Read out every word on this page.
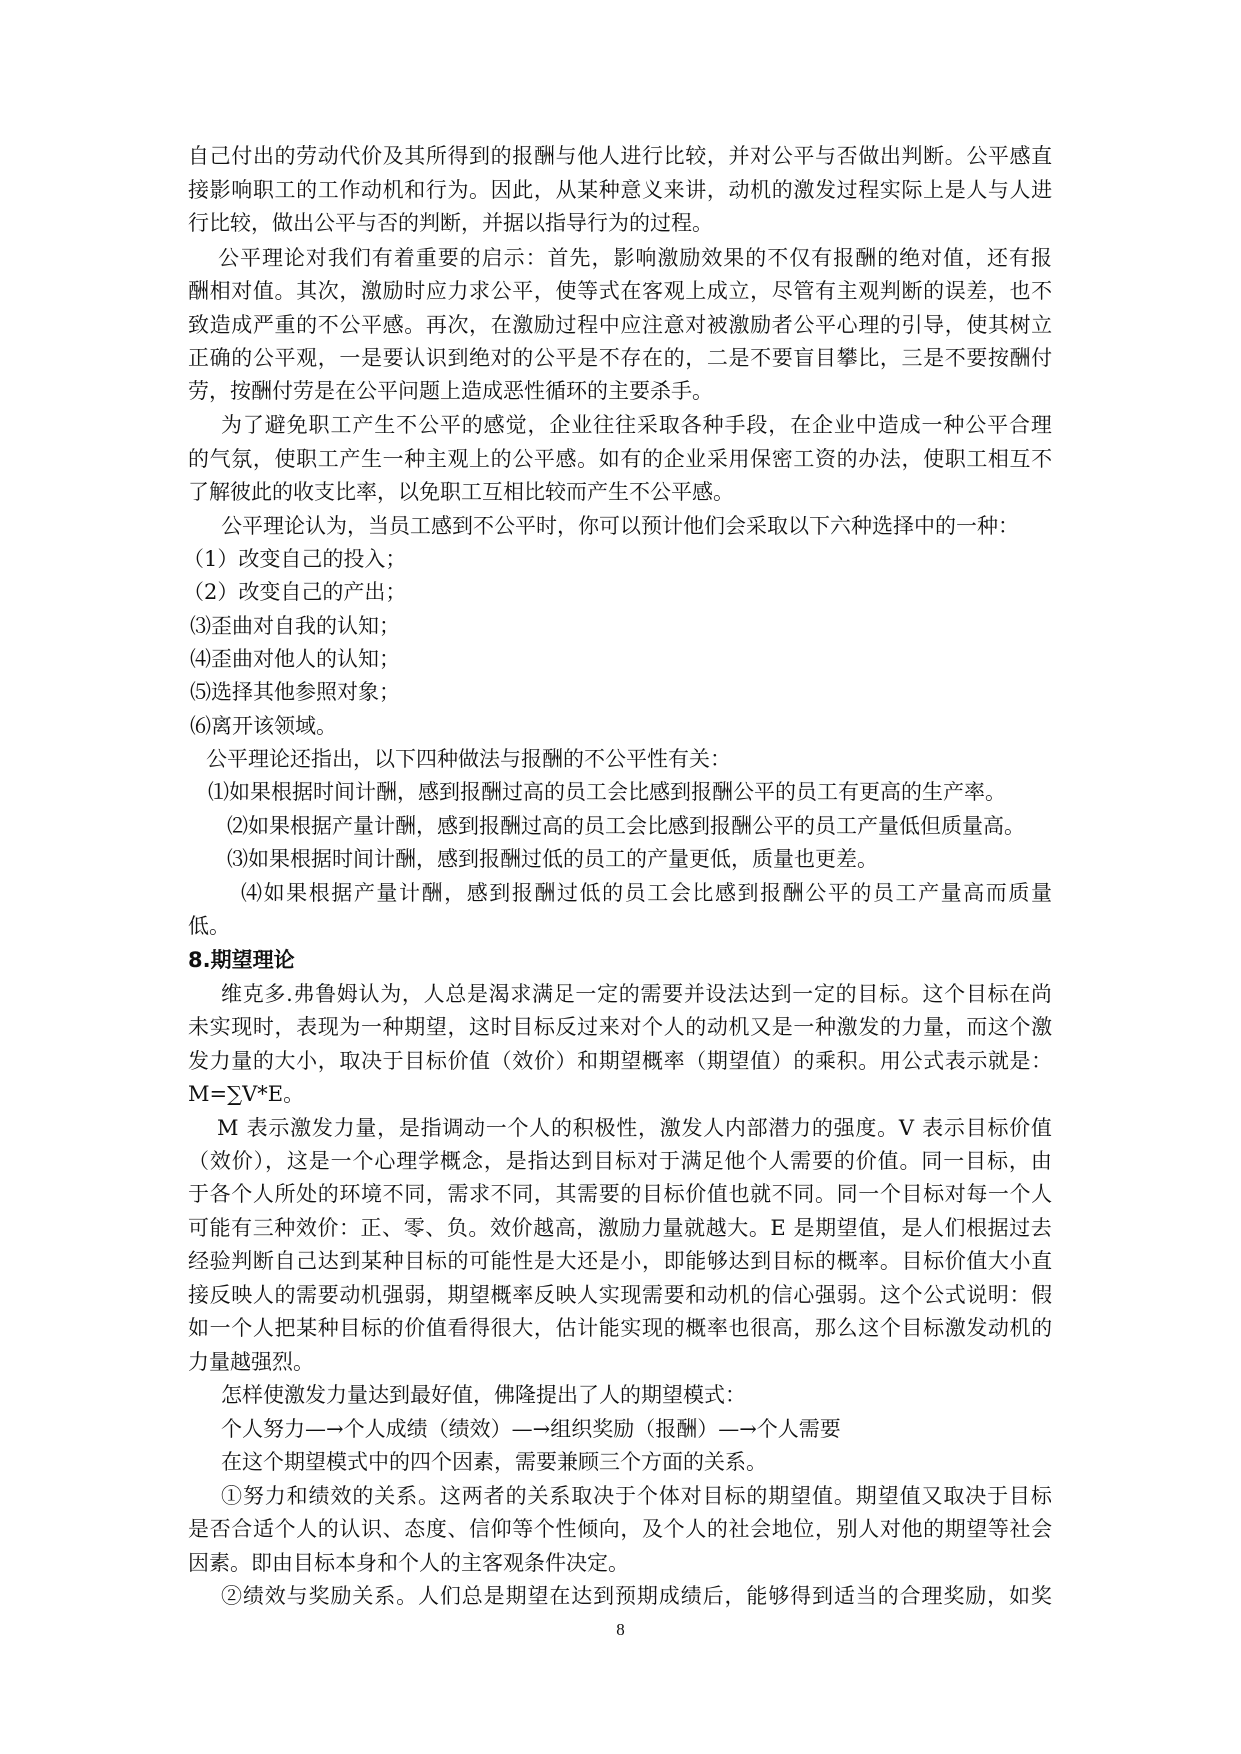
自己付出的劳动代价及其所得到的报酬与他人进行比较，并对公平与否做出判断。公平感直
接影响职工的工作动机和行为。因此，从某种意义来讲，动机的激发过程实际上是人与人进
行比较，做出公平与否的判断，并据以指导行为的过程。
公平理论对我们有着重要的启示：首先，影响激励效果的不仅有报酬的绝对值，还有报
酬相对值。其次，激励时应力求公平，使等式在客观上成立，尽管有主观判断的误差，也不
致造成严重的不公平感。再次，在激励过程中应注意对被激励者公平心理的引导，使其树立
正确的公平观，一是要认识到绝对的公平是不存在的，二是不要盲目攀比，三是不要按酬付
劳，按酬付劳是在公平问题上造成恶性循环的主要杀手。
为了避免职工产生不公平的感觉，企业往往采取各种手段，在企业中造成一种公平合理
的气氛，使职工产生一种主观上的公平感。如有的企业采用保密工资的办法，使职工相互不
了解彼此的收支比率，以免职工互相比较而产生不公平感。
公平理论认为，当员工感到不公平时，你可以预计他们会采取以下六种选择中的一种：
（1）改变自己的投入；
（2）改变自己的产出；
⑶歪曲对自我的认知；
⑷歪曲对他人的认知；
⑸选择其他参照对象；
⑹离开该领域。
公平理论还指出，以下四种做法与报酬的不公平性有关：
⑴如果根据时间计酬，感到报酬过高的员工会比感到报酬公平的员工有更高的生产率。
⑵如果根据产量计酬，感到报酬过高的员工会比感到报酬公平的员工产量低但质量高。
⑶如果根据时间计酬，感到报酬过低的员工的产量更低，质量也更差。
⑷如果根据产量计酬，感到报酬过低的员工会比感到报酬公平的员工产量高而质量
低。
8.期望理论
维克多.弗鲁姆认为，人总是渴求满足一定的需要并设法达到一定的目标。这个目标在尚
未实现时，表现为一种期望，这时目标反过来对个人的动机又是一种激发的力量，而这个激
发力量的大小，取决于目标价值（效价）和期望概率（期望值）的乘积。用公式表示就是：
M=∑V*E。
M 表示激发力量，是指调动一个人的积极性，激发人内部潜力的强度。V 表示目标价值
（效价），这是一个心理学概念，是指达到目标对于满足他个人需要的价值。同一目标，由
于各个人所处的环境不同，需求不同，其需要的目标价值也就不同。同一个目标对每一个人
可能有三种效价：正、零、负。效价越高，激励力量就越大。E 是期望值，是人们根据过去
经验判断自己达到某种目标的可能性是大还是小，即能够达到目标的概率。目标价值大小直
接反映人的需要动机强弱，期望概率反映人实现需要和动机的信心强弱。这个公式说明：假
如一个人把某种目标的价值看得很大，估计能实现的概率也很高，那么这个目标激发动机的
力量越强烈。
怎样使激发力量达到最好值，佛隆提出了人的期望模式：
个人努力—→个人成绩（绩效）—→组织奖励（报酬）—→个人需要
在这个期望模式中的四个因素，需要兼顾三个方面的关系。
①努力和绩效的关系。这两者的关系取决于个体对目标的期望值。期望值又取决于目标
是否合适个人的认识、态度、信仰等个性倾向，及个人的社会地位，别人对他的期望等社会
因素。即由目标本身和个人的主客观条件决定。
②绩效与奖励关系。人们总是期望在达到预期成绩后，能够得到适当的合理奖励，如奖
8
